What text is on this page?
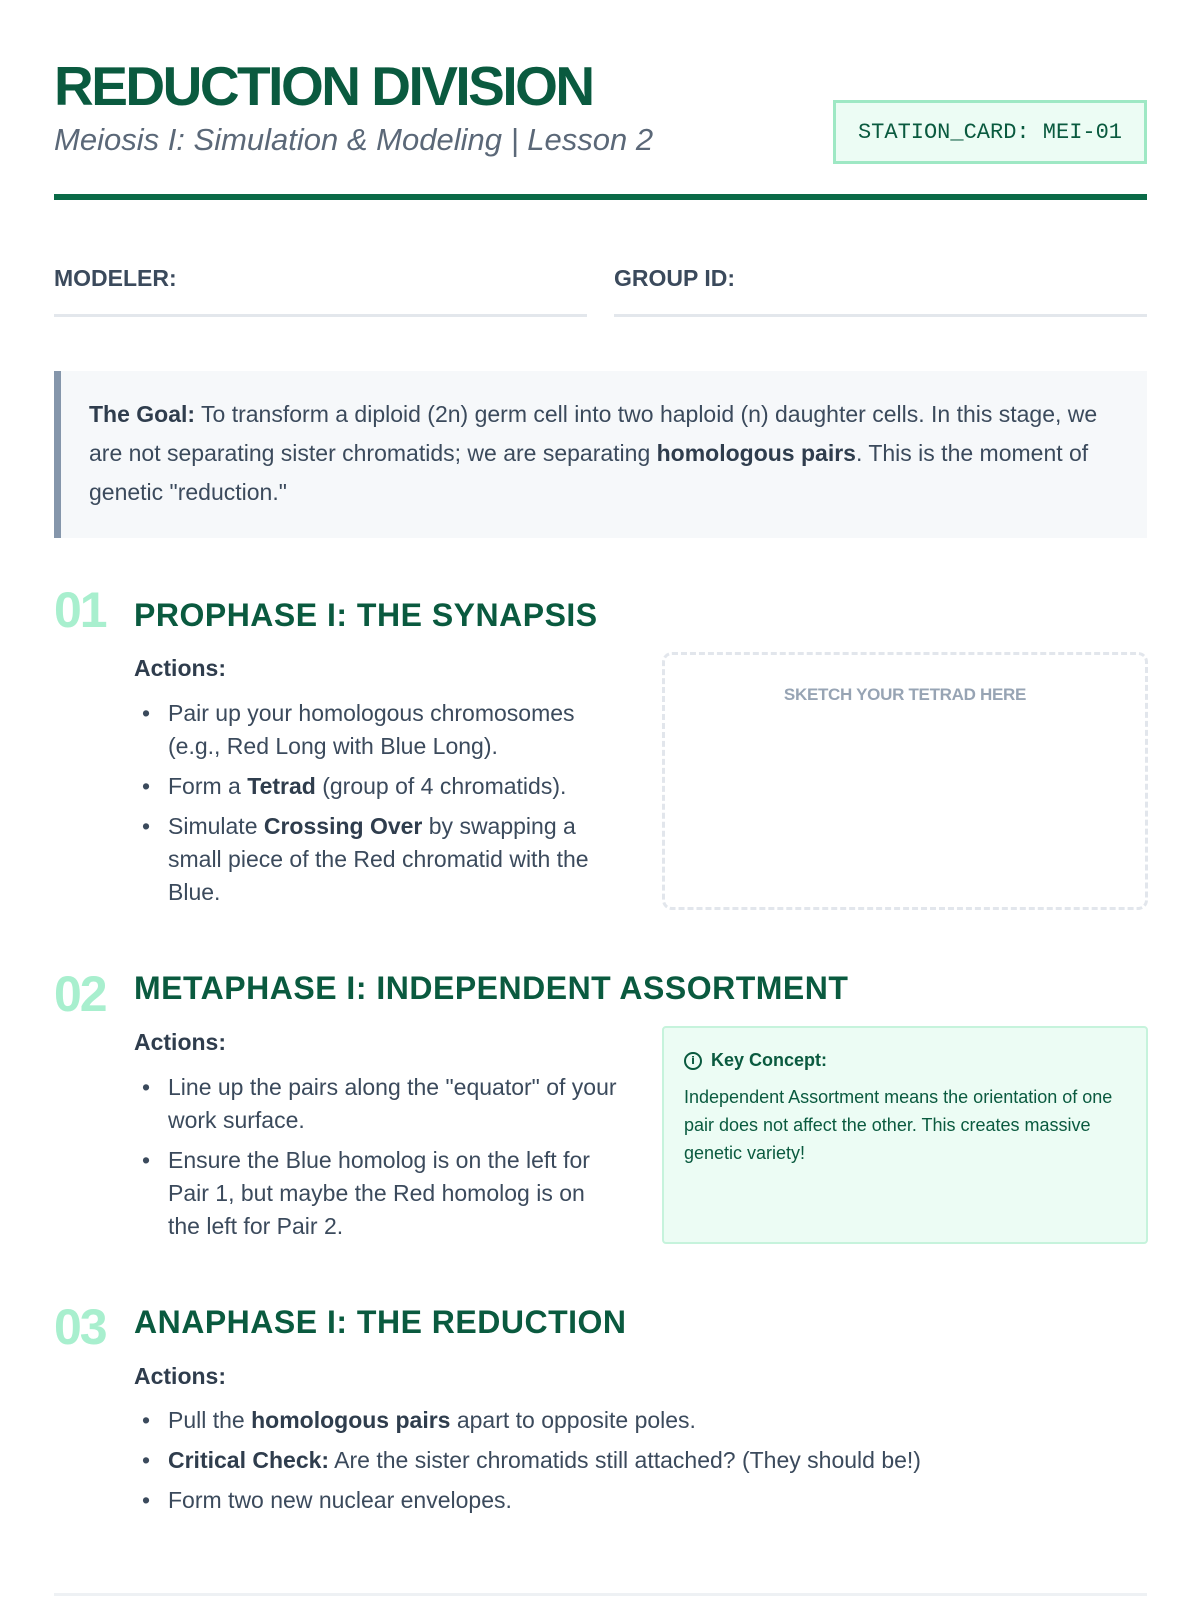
REDUCTION DIVISION
Meiosis I: Simulation & Modeling | Lesson 2	STATION_CARD: MEI-01
MODELER:	GROUP ID:
The Goal: To transform a diploid (2n) germ cell into two haploid (n) daughter cells. In this stage, we are not separating sister chromatids; we are separating homologous pairs. This is the moment of genetic "reduction."
01 PROPHASE I: THE SYNAPSIS
Actions:
• Pair up your homologous chromosomes (e.g., Red Long with Blue Long).
• Form a Tetrad (group of 4 chromatids).
• Simulate Crossing Over by swapping a small piece of the Red chromatid with the Blue.
SKETCH YOUR TETRAD HERE
02 METAPHASE I: INDEPENDENT ASSORTMENT
Actions:
• Line up the pairs along the "equator" of your work surface.
• Ensure the Blue homolog is on the left for Pair 1, but maybe the Red homolog is on the left for Pair 2.
i Key Concept:
Independent Assortment means the orientation of one pair does not affect the other. This creates massive genetic variety!
03 ANAPHASE I: THE REDUCTION
Actions:
• Pull the homologous pairs apart to opposite poles.
• Critical Check: Are the sister chromatids still attached? (They should be!)
• Form two new nuclear envelopes.
